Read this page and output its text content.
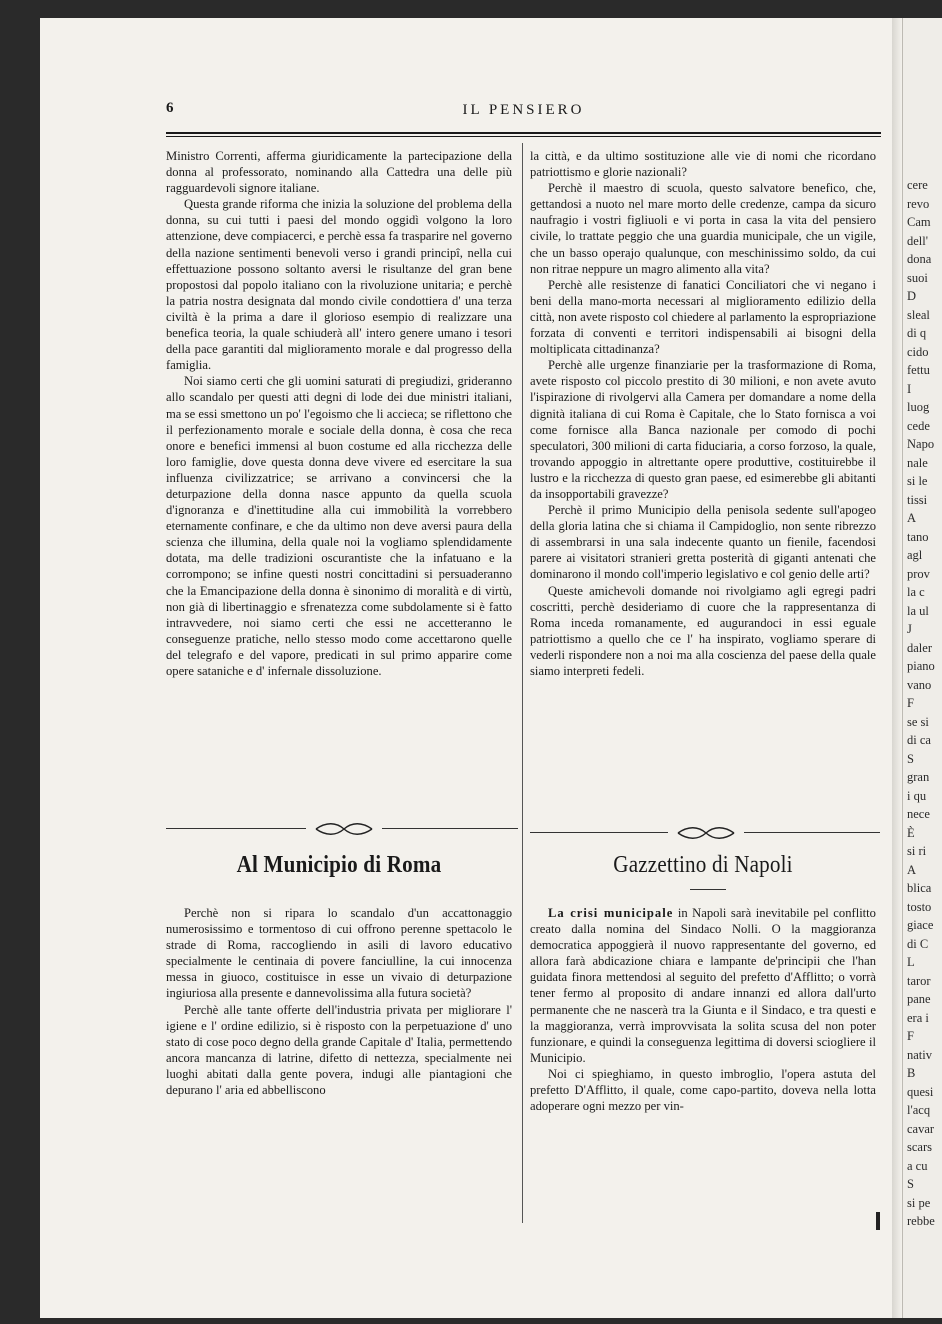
cere
revo
Cam
dell'
dona
suoi
D
sleal
di q
cido
fettu
I
luog
cede
Napo
nale
si le
tissi
A
tano
agl
prov
la c
la ul
J
daler
piano
vano
F
se si
di ca
S
gran
i qu
nece
È
si ri
A
blica
tosto
giace
di C
L
taror
pane
era i
F
nativ
B
quesi
l'acq
cavar
scars
a cu
S
si pe
rebbe
6	IL PENSIERO

Ministro Correnti, afferma giuridicamente la partecipazione della donna al professorato, nominando alla Cattedra una delle più ragguardevoli signore italiane.

Questa grande riforma che inizia la soluzione del problema della donna, su cui tutti i paesi del mondo oggidì volgono la loro attenzione, deve compiacerci, e perchè essa fa trasparire nel governo della nazione sentimenti benevoli verso i grandi principî, nella cui effettuazione possono soltanto aversi le risultanze del gran bene propostosi dal popolo italiano con la rivoluzione unitaria; e perchè la patria nostra designata dal mondo civile condottiera d' una terza civiltà è la prima a dare il glorioso esempio di realizzare una benefica teoria, la quale schiuderà all' intero genere umano i tesori della pace garantiti dal miglioramento morale e dal progresso della famiglia.

Noi siamo certi che gli uomini saturati di pregiudizi, grideranno allo scandalo per questi atti degni di lode dei due ministri italiani, ma se essi smettono un po' l'egoismo che li accieca; se riflettono che il perfezionamento morale e sociale della donna, è cosa che reca onore e benefici immensi al buon costume ed alla ricchezza delle loro famiglie, dove questa donna deve vivere ed esercitare la sua influenza civilizzatrice; se arrivano a convincersi che la deturpazione della donna nasce appunto da quella scuola d'ignoranza e d'inettitudine alla cui immobilità la vorrebbero eternamente confinare, e che da ultimo non deve aversi paura della scienza che illumina, della quale noi la vogliamo splendidamente dotata, ma delle tradizioni oscurantiste che la infatuano e la corrompono; se infine questi nostri concittadini si persuaderanno che la Emancipazione della donna è sinonimo di moralità e di virtù, non già di libertinaggio e sfrenatezza come subdolamente si è fatto intravvedere, noi siamo certi che essi ne accetteranno le conseguenze pratiche, nello stesso modo come accettarono quelle del telegrafo e del vapore, predicati in sul primo apparire come opere sataniche e d' infernale dissoluzione.

la città, e da ultimo sostituzione alle vie di nomi che ricordano patriottismo e glorie nazionali?

Perchè il maestro di scuola, questo salvatore benefico, che, gettandosi a nuoto nel mare morto delle credenze, campa da sicuro naufragio i vostri figliuoli e vi porta in casa la vita del pensiero civile, lo trattate peggio che una guardia municipale, che un vigile, che un basso operajo qualunque, con meschinissimo soldo, da cui non ritrae neppure un magro alimento alla vita?

Perchè alle resistenze di fanatici Conciliatori che vi negano i beni della mano-morta necessari al miglioramento edilizio della città, non avete risposto col chiedere al parlamento la espropriazione forzata di conventi e territori indispensabili ai bisogni della moltiplicata cittadinanza?

Perchè alle urgenze finanziarie per la trasformazione di Roma, avete risposto col piccolo prestito di 30 milioni, e non avete avuto l'ispirazione di rivolgervi alla Camera per domandare a nome della dignità italiana di cui Roma è Capitale, che lo Stato fornisca a voi come fornisce alla Banca nazionale per comodo di pochi speculatori, 300 milioni di carta fiduciaria, a corso forzoso, la quale, trovando appoggio in altrettante opere produttive, costituirebbe il lustro e la ricchezza di questo gran paese, ed esimerebbe gli abitanti da insopportabili gravezze?

Perchè il primo Municipio della penisola sedente sull'apogeo della gloria latina che si chiama il Campidoglio, non sente ribrezzo di assembrarsi in una sala indecente quanto un fienile, facendosi parere ai visitatori stranieri gretta posterità di giganti antenati che dominarono il mondo coll'imperio legislativo e col genio delle arti?

Queste amichevoli domande noi rivolgiamo agli egregi padri coscritti, perchè desideriamo di cuore che la rappresentanza di Roma inceda romanamente, ed augurandoci in essi eguale patriottismo a quello che ce l' ha inspirato, vogliamo sperare di vederli rispondere non a noi ma alla coscienza del paese della quale siamo interpreti fedeli.

Al Municipio di Roma	Gazzettino di Napoli

Perchè non si ripara lo scandalo d'un accattonaggio numerosissimo e tormentoso di cui offrono perenne spettacolo le strade di Roma, raccogliendo in asili di lavoro educativo specialmente le centinaia di povere fanciulline, la cui innocenza messa in giuoco, costituisce in esse un vivaio di deturpazione ingiuriosa alla presente e dannevolissima alla futura società?

Perchè alle tante offerte dell'industria privata per migliorare l' igiene e l' ordine edilizio, si è risposto con la perpetuazione d' uno stato di cose poco degno della grande Capitale d' Italia, permettendo ancora mancanza di latrine, difetto di nettezza, specialmente nei luoghi abitati dalla gente povera, indugi alle piantagioni che depurano l' aria ed abbelliscono

La crisi municipale in Napoli sarà inevitabile pel conflitto creato dalla nomina del Sindaco Nolli. O la maggioranza democratica appoggierà il nuovo rappresentante del governo, ed allora farà abdicazione chiara e lampante de'principii che l'han guidata finora mettendosi al seguito del prefetto d'Afflitto; o vorrà tener fermo al proposito di andare innanzi ed allora dall'urto permanente che ne nascerà tra la Giunta e il Sindaco, e tra questi e la maggioranza, verrà improvvisata la solita scusa del non poter funzionare, e quindi la conseguenza legittima di doversi sciogliere il Municipio.

Noi ci spieghiamo, in questo imbroglio, l'opera astuta del prefetto D'Afflitto, il quale, come capo-partito, doveva nella lotta adoperare ogni mezzo per vin-
